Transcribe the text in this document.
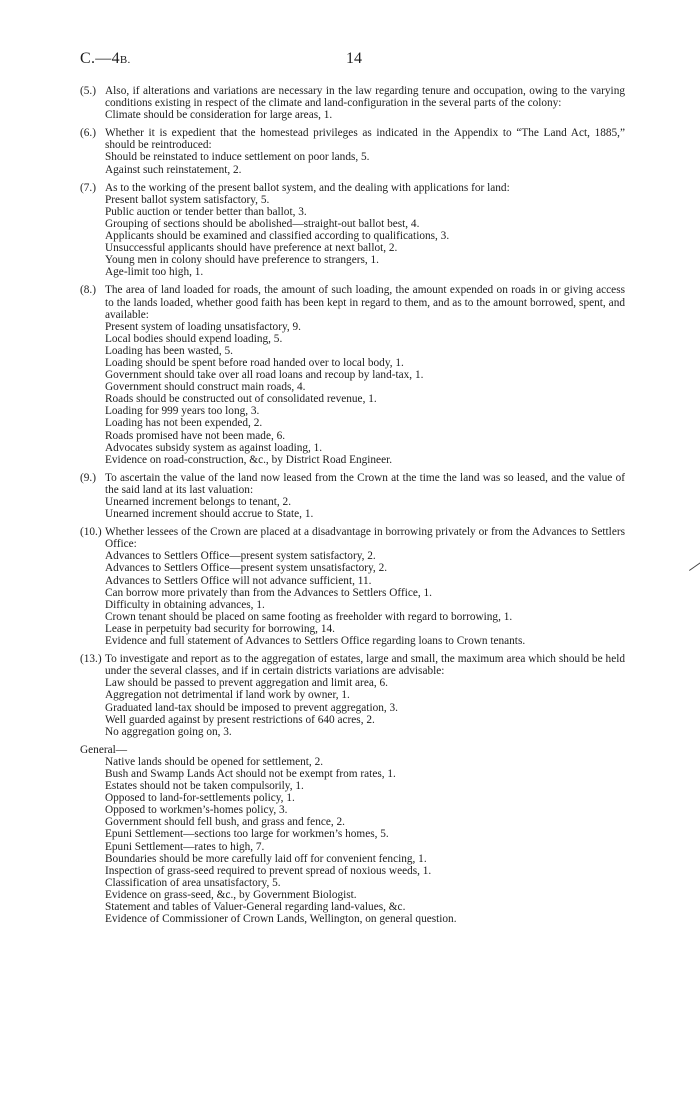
C.—4B.	14
(5.) Also, if alterations and variations are necessary in the law regarding tenure and occupation, owing to the varying conditions existing in respect of the climate and land-configuration in the several parts of the colony:
Climate should be consideration for large areas, 1.
(6.) Whether it is expedient that the homestead privileges as indicated in the Appendix to “The Land Act, 1885,” should be reintroduced:
Should be reinstated to induce settlement on poor lands, 5.
Against such reinstatement, 2.
(7.) As to the working of the present ballot system, and the dealing with applications for land:
Present ballot system satisfactory, 5.
Public auction or tender better than ballot, 3.
Grouping of sections should be abolished—straight-out ballot best, 4.
Applicants should be examined and classified according to qualifications, 3.
Unsuccessful applicants should have preference at next ballot, 2.
Young men in colony should have preference to strangers, 1.
Age-limit too high, 1.
(8.) The area of land loaded for roads, the amount of such loading, the amount expended on roads in or giving access to the lands loaded, whether good faith has been kept in regard to them, and as to the amount borrowed, spent, and available:
Present system of loading unsatisfactory, 9.
Local bodies should expend loading, 5.
Loading has been wasted, 5.
Loading should be spent before road handed over to local body, 1.
Government should take over all road loans and recoup by land-tax, 1.
Government should construct main roads, 4.
Roads should be constructed out of consolidated revenue, 1.
Loading for 999 years too long, 3.
Loading has not been expended, 2.
Roads promised have not been made, 6.
Advocates subsidy system as against loading, 1.
Evidence on road-construction, &c., by District Road Engineer.
(9.) To ascertain the value of the land now leased from the Crown at the time the land was so leased, and the value of the said land at its last valuation:
Unearned increment belongs to tenant, 2.
Unearned increment should accrue to State, 1.
(10.) Whether lessees of the Crown are placed at a disadvantage in borrowing privately or from the Advances to Settlers Office:
Advances to Settlers Office—present system satisfactory, 2.
Advances to Settlers Office—present system unsatisfactory, 2.
Advances to Settlers Office will not advance sufficient, 11.
Can borrow more privately than from the Advances to Settlers Office, 1.
Difficulty in obtaining advances, 1.
Crown tenant should be placed on same footing as freeholder with regard to borrowing, 1.
Lease in perpetuity bad security for borrowing, 14.
Evidence and full statement of Advances to Settlers Office regarding loans to Crown tenants.
(13.) To investigate and report as to the aggregation of estates, large and small, the maximum area which should be held under the several classes, and if in certain districts variations are advisable:
Law should be passed to prevent aggregation and limit area, 6.
Aggregation not detrimental if land work by owner, 1.
Graduated land-tax should be imposed to prevent aggregation, 3.
Well guarded against by present restrictions of 640 acres, 2.
No aggregation going on, 3.
General—
Native lands should be opened for settlement, 2.
Bush and Swamp Lands Act should not be exempt from rates, 1.
Estates should not be taken compulsorily, 1.
Opposed to land-for-settlements policy, 1.
Opposed to workmen’s-homes policy, 3.
Government should fell bush, and grass and fence, 2.
Epuni Settlement—sections too large for workmen’s homes, 5.
Epuni Settlement—rates to high, 7.
Boundaries should be more carefully laid off for convenient fencing, 1.
Inspection of grass-seed required to prevent spread of noxious weeds, 1.
Classification of area unsatisfactory, 5.
Evidence on grass-seed, &c., by Government Biologist.
Statement and tables of Valuer-General regarding land-values, &c.
Evidence of Commissioner of Crown Lands, Wellington, on general question.
